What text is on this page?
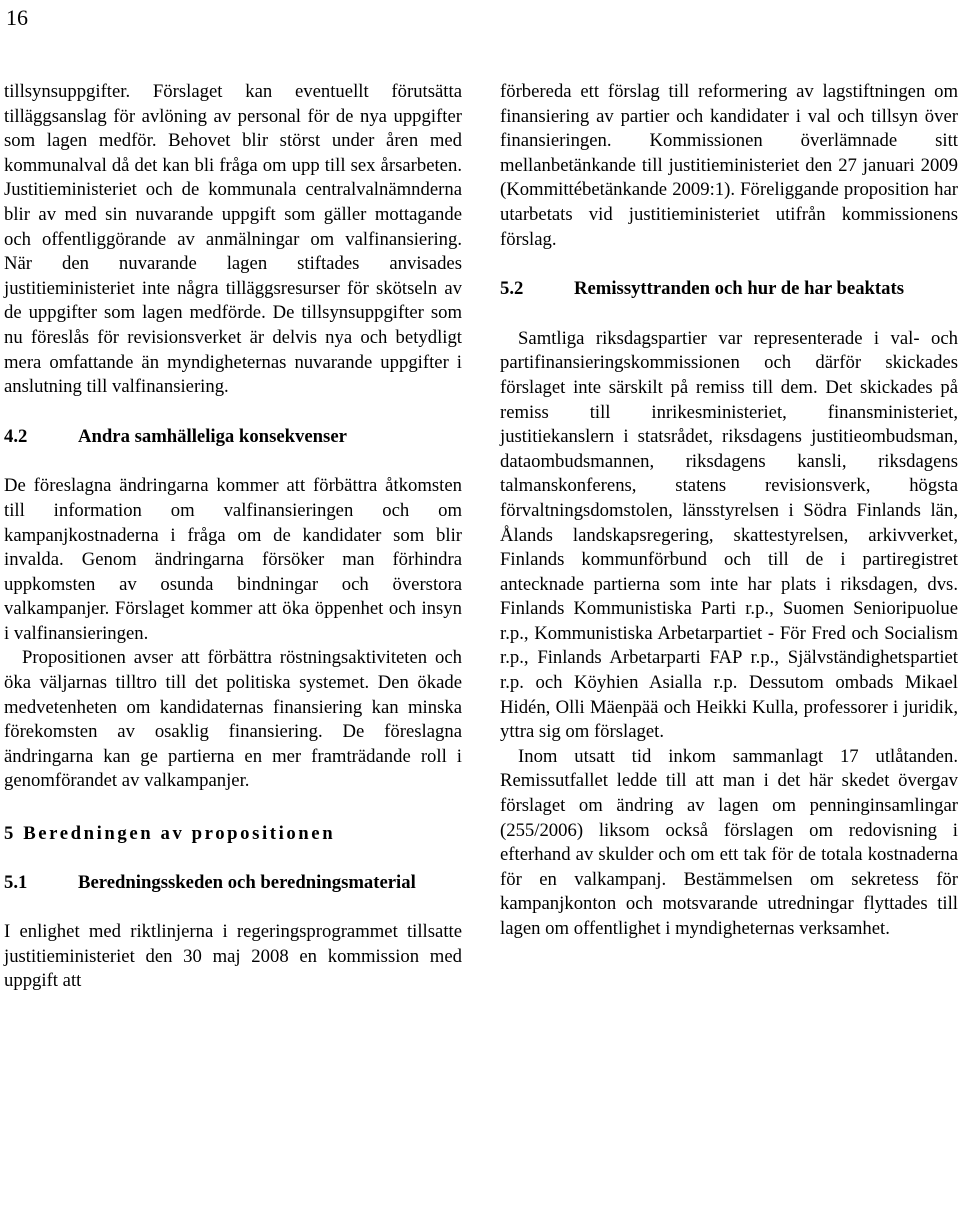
16

tillsynsuppgifter. Förslaget kan eventuellt förutsätta tilläggsanslag för avlöning av personal för de nya uppgifter som lagen medför. Behovet blir störst under åren med kommunalval då det kan bli fråga om upp till sex årsarbeten. Justitieministeriet och de kommunala centralvalnämnderna blir av med sin nuvarande uppgift som gäller mottagande och offentliggörande av anmälningar om valfinansiering. När den nuvarande lagen stiftades anvisades justitieministeriet inte några tilläggsresurser för skötseln av de uppgifter som lagen medförde. De tillsynsuppgifter som nu föreslås för revisionsverket är delvis nya och betydligt mera omfattande än myndigheternas nuvarande uppgifter i anslutning till valfinansiering.

4.2	Andra samhälleliga konsekvenser

De föreslagna ändringarna kommer att förbättra åtkomsten till information om valfinansieringen och om kampanjkostnaderna i fråga om de kandidater som blir invalda. Genom ändringarna försöker man förhindra uppkomsten av osunda bindningar och överstora valkampanjer. Förslaget kommer att öka öppenhet och insyn i valfinansieringen.

Propositionen avser att förbättra röstningsaktiviteten och öka väljarnas tilltro till det politiska systemet. Den ökade medvetenheten om kandidaternas finansiering kan minska förekomsten av osaklig finansiering. De föreslagna ändringarna kan ge partierna en mer framträdande roll i genomförandet av valkampanjer.

5 Beredningen av propositionen

5.1	Beredningsskeden och beredningsmaterial

I enlighet med riktlinjerna i regeringsprogrammet tillsatte justitieministeriet den 30 maj 2008 en kommission med uppgift att

förbereda ett förslag till reformering av lagstiftningen om finansiering av partier och kandidater i val och tillsyn över finansieringen. Kommissionen överlämnade sitt mellanbetänkande till justitieministeriet den 27 januari 2009 (Kommittébetänkande 2009:1). Föreliggande proposition har utarbetats vid justitieministeriet utifrån kommissionens förslag.

5.2	Remissyttranden och hur de har beaktats

Samtliga riksdagspartier var representerade i val- och partifinansieringskommissionen och därför skickades förslaget inte särskilt på remiss till dem. Det skickades på remiss till inrikesministeriet, finansministeriet, justitiekanslern i statsrådet, riksdagens justitieombudsman, dataombudsmannen, riksdagens kansli, riksdagens talmanskonferens, statens revisionsverk, högsta förvaltningsdomstolen, länsstyrelsen i Södra Finlands län, Ålands landskapsregering, skattestyrelsen, arkivverket, Finlands kommunförbund och till de i partiregistret antecknade partierna som inte har plats i riksdagen, dvs. Finlands Kommunistiska Parti r.p., Suomen Senioripuolue r.p., Kommunistiska Arbetarpartiet - För Fred och Socialism r.p., Finlands Arbetarparti FAP r.p., Självständighetspartiet r.p. och Köyhien Asialla r.p. Dessutom ombads Mikael Hidén, Olli Mäenpää och Heikki Kulla, professorer i juridik, yttra sig om förslaget.

Inom utsatt tid inkom sammanlagt 17 utlåtanden. Remissutfallet ledde till att man i det här skedet övergav förslaget om ändring av lagen om penninginsamlingar (255/2006) liksom också förslagen om redovisning i efterhand av skulder och om ett tak för de totala kostnaderna för en valkampanj. Bestämmelsen om sekretess för kampanjkonton och motsvarande utredningar flyttades till lagen om offentlighet i myndigheternas verksamhet.
